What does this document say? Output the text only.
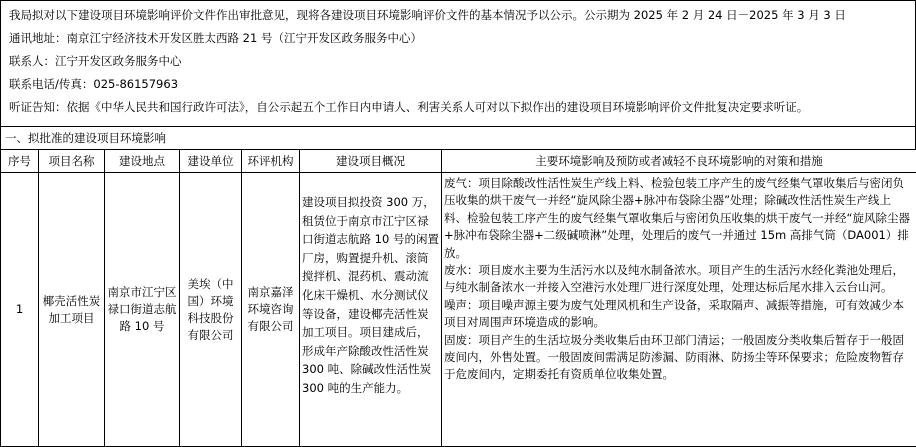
我局拟对以下建设项目环境影响评价文件作出审批意见，现将各建设项目环境影响评价文件的基本情况予以公示。公示期为 2025 年 2 月 24 日－2025 年 3 月 3 日
通讯地址：南京江宁经济技术开发区胜太西路 21 号（江宁开发区政务服务中心）
联系人：江宁开发区政务服务中心
联系电话/传真：025-86157963
听证告知：依据《中华人民共和国行政许可法》，自公示起五个工作日内申请人、利害关系人可对以下拟作出的建设项目环境影响评价文件批复决定要求听证。
一、拟批准的建设项目环境影响
序号	项目名称	建设地点	建设单位	环评机构	建设项目概况	主要环境影响及预防或者减轻不良环境影响的对策和措施
1	椰壳活性炭加工项目	南京市江宁区禄口街道志航路 10 号	美埃（中国）环境科技股份有限公司	南京嘉泽环境咨询有限公司	建设项目拟投资 300 万，租赁位于南京市江宁区禄口街道志航路 10 号的闲置厂房，购置提升机、滚筒搅拌机、混药机、震动流化床干燥机、水分测试仪等设备，建设椰壳活性炭加工项目。项目建成后，形成年产除酸改性活性炭 300 吨、除碱改性活性炭 300 吨的生产能力。	废气：项目除酸改性活性炭生产线上料、检验包装工序产生的废气经集气罩收集后与密闭负压收集的烘干废气一并经“旋风除尘器+脉冲布袋除尘器”处理；除碱改性活性炭生产线上料、检验包装工序产生的废气经集气罩收集后与密闭负压收集的烘干废气一并经“旋风除尘器+脉冲布袋除尘器+二级碱喷淋”处理，处理后的废气一并通过 15m 高排气筒（DA001）排放。
废水：项目废水主要为生活污水以及纯水制备浓水。项目产生的生活污水经化粪池处理后，与纯水制备浓水一并接入空港污水处理厂进行深度处理，处理达标后尾水排入云台山河。
噪声：项目噪声源主要为废气处理风机和生产设备，采取隔声、减振等措施，可有效减少本项目对周围声环境造成的影响。
固废：项目产生的生活垃圾分类收集后由环卫部门清运；一般固废分类收集后暂存于一般固废间内，外售处置。一般固废间需满足防渗漏、防雨淋、防扬尘等环保要求；危险废物暂存于危废间内，定期委托有资质单位收集处置。
